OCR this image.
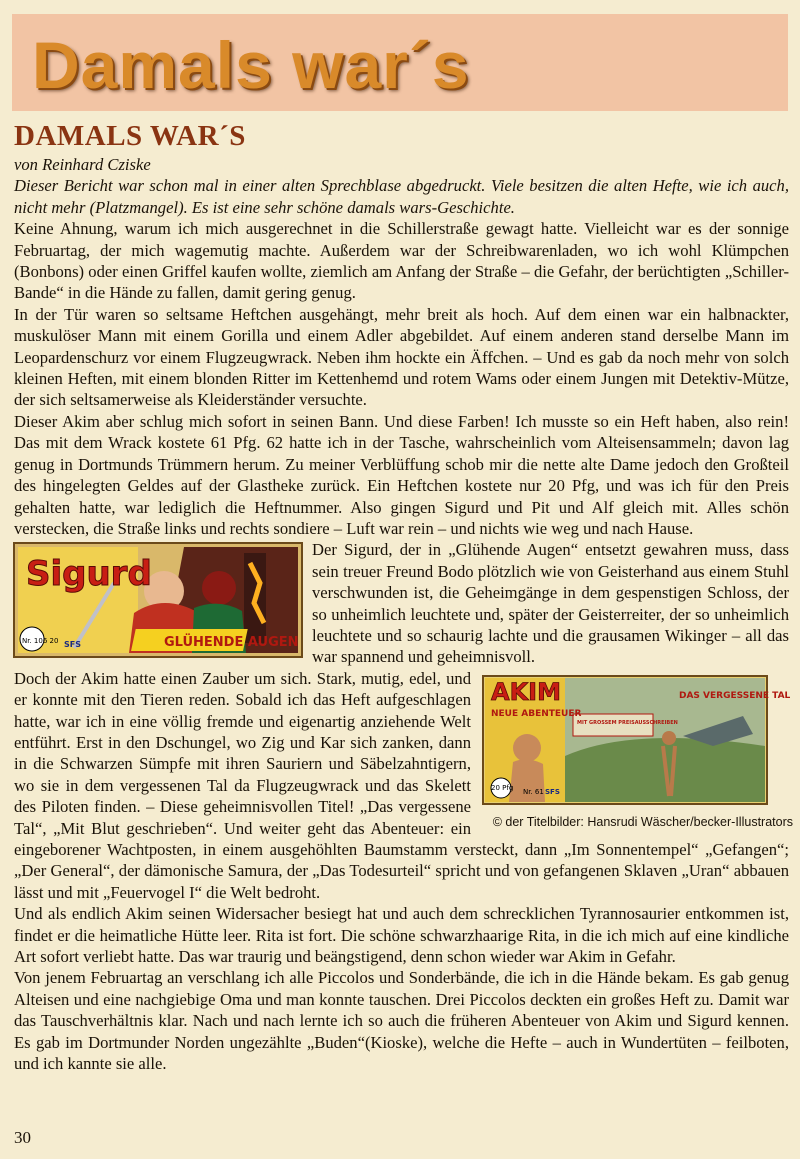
Damals war´s
DAMALS WAR´S

von Reinhard Cziske

Dieser Bericht war schon mal in einer alten Sprechblase abgedruckt. Viele besitzen die alten Hefte, wie ich auch, nicht mehr (Platzmangel). Es ist eine sehr schöne damals wars-Geschichte.

Keine Ahnung, warum ich mich ausgerechnet in die Schillerstraße gewagt hatte. Vielleicht war es der sonnige Februartag, der mich wagemutig machte. Außerdem war der Schreibwarenladen, wo ich wohl Klümpchen (Bonbons) oder einen Griffel kaufen wollte, ziemlich am Anfang der Straße – die Gefahr, der berüchtigten „Schiller-Bande“ in die Hände zu fallen, damit gering genug.

In der Tür waren so seltsame Heftchen ausgehängt, mehr breit als hoch. Auf dem einen war ein halbnackter, muskulöser Mann mit einem Gorilla und einem Adler abgebildet. Auf einem anderen stand derselbe Mann im Leopardenschurz vor einem Flugzeugwrack. Neben ihm hockte ein Äffchen. – Und es gab da noch mehr von solch kleinen Heften, mit einem blonden Ritter im Kettenhemd und rotem Wams oder einem Jungen mit Detektiv-Mütze, der sich seltsamerweise als Kleiderständer versuchte.

Dieser Akim aber schlug mich sofort in seinen Bann. Und diese Farben! Ich musste so ein Heft haben, also rein! Das mit dem Wrack kostete 61 Pfg. 62 hatte ich in der Tasche, wahrscheinlich vom Alteisensammeln; davon lag genug in Dortmunds Trümmern herum. Zu meiner Verblüffung schob mir die nette alte Dame jedoch den Großteil des hingelegten Geldes auf der Glastheke zurück. Ein Heftchen kostete nur 20 Pfg, und was ich für den Preis gehalten hatte, war lediglich die Heftnummer. Also gingen Sigurd und Pit und Alf gleich mit. Alles schön verstecken, die Straße links und rechts sondiere – Luft war rein – und nichts wie weg und nach Hause.

Sigurd
GLÜHENDE AUGEN
Nr. 106 20 SFS

Der Sigurd, der in „Glühende Augen“ entsetzt gewahren muss, dass sein treuer Freund Bodo plötzlich wie von Geisterhand aus einem Stuhl verschwunden ist, die Geheimgänge in dem gespenstigen Schloss, der so unheimlich leuchtete und, später der Geisterreiter, der so unheimlich leuchtete und so schaurig lachte und die grausamen Wikinger – all das war spannend und geheimnisvoll.

AKIM
NEUE ABENTEUER
DAS VERGESSENE TAL
MIT GROSSEM PREISAUSSCHREIBEN
20 Pfg Nr. 61 SFS
© der Titelbilder: Hansrudi Wäscher/becker-Illustrators

Doch der Akim hatte einen Zauber um sich. Stark, mutig, edel, und er konnte mit den Tieren reden. Sobald ich das Heft aufgeschlagen hatte, war ich in eine völlig fremde und eigenartig anziehende Welt entführt. Erst in den Dschungel, wo Zig und Kar sich zanken, dann in die Schwarzen Sümpfe mit ihren Sauriern und Säbelzahntigern, wo sie in dem vergessenen Tal da Flugzeugwrack und das Skelett des Piloten finden. – Diese geheimnisvollen Titel! „Das vergessene Tal“, „Mit Blut geschrieben“. Und weiter geht das Abenteuer: ein eingeborener Wachtposten, in einem ausgehöhlten Baumstamm versteckt, dann „Im Sonnentempel“ „Gefangen“; „Der General“, der dämonische Samura, der „Das Todesurteil“ spricht und von gefangenen Sklaven „Uran“ abbauen lässt und mit „Feuervogel I“ die Welt bedroht.

Und als endlich Akim seinen Widersacher besiegt hat und auch dem schrecklichen Tyrannosaurier entkommen ist, findet er die heimatliche Hütte leer. Rita ist fort. Die schöne schwarzhaarige Rita, in die ich mich auf eine kindliche Art sofort verliebt hatte. Das war traurig und beängstigend, denn schon wieder war Akim in Gefahr.

Von jenem Februartag an verschlang ich alle Piccolos und Sonderbände, die ich in die Hände bekam. Es gab genug Alteisen und eine nachgiebige Oma und man konnte tauschen. Drei Piccolos deckten ein großes Heft zu. Damit war das Tauschverhältnis klar. Nach und nach lernte ich so auch die früheren Abenteuer von Akim und Sigurd kennen. Es gab im Dortmunder Norden ungezählte „Buden“(Kioske), welche die Hefte – auch in Wundertüten – feilboten, und ich kannte sie alle.

30
